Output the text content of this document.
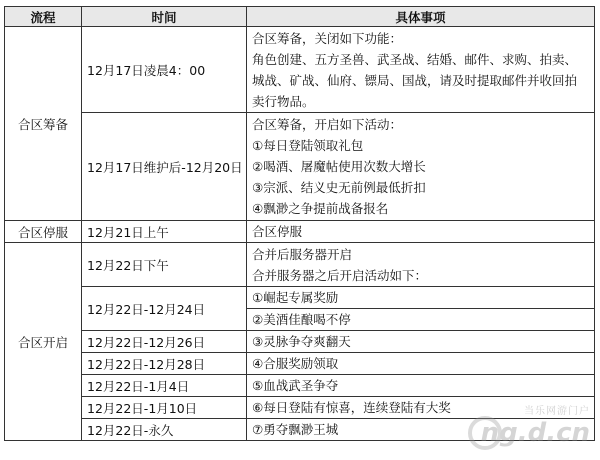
流程	时间	具体事项
合区筹备	12月17日凌晨4：00	合区筹备，关闭如下功能：
角色创建、五方圣兽、武圣战、结婚、邮件、求购、拍卖、
城战、矿战、仙府、镖局、国战，请及时提取邮件并收回拍
卖行物品。

	12月17日维护后-12月20日	合区筹备，开启如下活动：
①每日登陆领取礼包
②喝酒、屠魔帖使用次数大增长
③宗派、结义史无前例最低折扣
④飘渺之争提前战备报名

合区停服	12月21日上午	合区停服
合区开启	12月22日下午	合并后服务器开启
合并服务器之后开启活动如下：

	12月22日-12月24日	①崛起专属奖励
		②美酒佳酿喝不停
	12月22日-12月26日	③灵脉争夺爽翻天
	12月22日-12月28日	④合服奖励领取
	12月22日-1月4日	⑤血战武圣争夺
	12月22日-1月10日	⑥每日登陆有惊喜，连续登陆有大奖
	12月22日-永久	⑦勇夺飘渺王城
当乐网游门户
ng.d.cn
